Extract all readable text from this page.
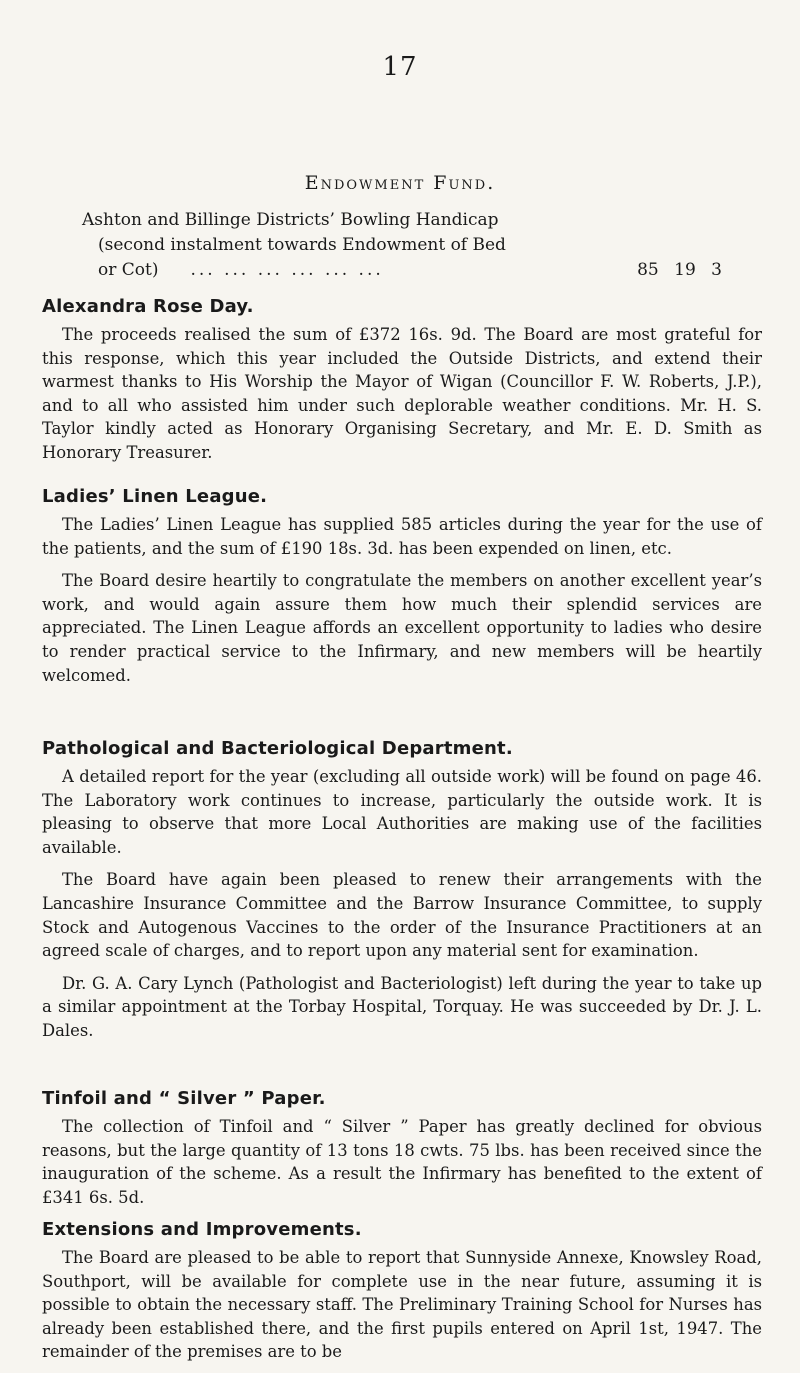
17
Endowment Fund.
Ashton and Billinge Districts’ Bowling Handicap
(second instalment towards Endowment of Bed
or Cot) ... ... ... ... ... ...	85 19 3
Alexandra Rose Day.

The proceeds realised the sum of £372 16s. 9d. The Board are most grateful for this response, which this year included the Outside Districts, and extend their warmest thanks to His Worship the Mayor of Wigan (Councillor F. W. Roberts, J.P.), and to all who assisted him under such deplorable weather conditions. Mr. H. S. Taylor kindly acted as Honorary Organising Secretary, and Mr. E. D. Smith as Honorary Treasurer.

Ladies’ Linen League.

The Ladies’ Linen League has supplied 585 articles during the year for the use of the patients, and the sum of £190 18s. 3d. has been expended on linen, etc.

The Board desire heartily to congratulate the members on another excellent year’s work, and would again assure them how much their splendid services are appreciated. The Linen League affords an excellent opportunity to ladies who desire to render practical service to the Infirmary, and new members will be heartily welcomed.

Pathological and Bacteriological Department.

A detailed report for the year (excluding all outside work) will be found on page 46. The Laboratory work continues to increase, particularly the outside work. It is pleasing to observe that more Local Authorities are making use of the facilities available.

The Board have again been pleased to renew their arrangements with the Lancashire Insurance Committee and the Barrow Insurance Committee, to supply Stock and Autogenous Vaccines to the order of the Insurance Practitioners at an agreed scale of charges, and to report upon any material sent for examination.

Dr. G. A. Cary Lynch (Pathologist and Bacteriologist) left during the year to take up a similar appointment at the Torbay Hospital, Torquay. He was succeeded by Dr. J. L. Dales.

Tinfoil and “ Silver ” Paper.

The collection of Tinfoil and “ Silver ” Paper has greatly declined for obvious reasons, but the large quantity of 13 tons 18 cwts. 75 lbs. has been received since the inauguration of the scheme. As a result the Infirmary has benefited to the extent of £341 6s. 5d.

Extensions and Improvements.

The Board are pleased to be able to report that Sunnyside Annexe, Knowsley Road, Southport, will be available for complete use in the near future, assuming it is possible to obtain the necessary staff. The Preliminary Training School for Nurses has already been established there, and the first pupils entered on April 1st, 1947. The remainder of the premises are to be
